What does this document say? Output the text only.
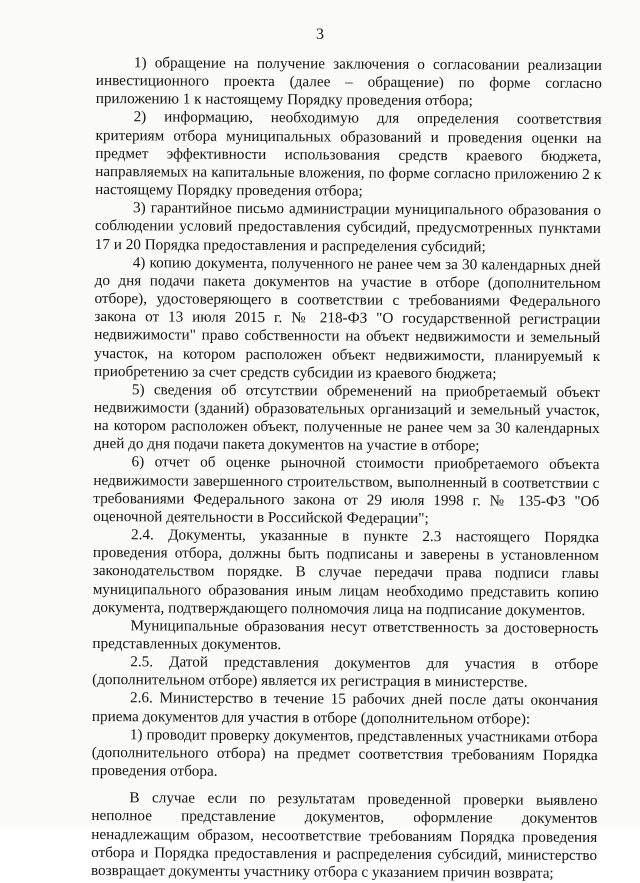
3

1) обращение на получение заключения о согласовании реализации инвестиционного проекта (далее – обращение) по форме согласно приложению 1 к настоящему Порядку проведения отбора;

2) информацию, необходимую для определения соответствия критериям отбора муниципальных образований и проведения оценки на предмет эффективности использования средств краевого бюджета, направляемых на капитальные вложения, по форме согласно приложению 2 к настоящему Порядку проведения отбора;

3) гарантийное письмо администрации муниципального образования о соблюдении условий предоставления субсидий, предусмотренных пунктами 17 и 20 Порядка предоставления и распределения субсидий;

4) копию документа, полученного не ранее чем за 30 календарных дней до дня подачи пакета документов на участие в отборе (дополнительном отборе), удостоверяющего в соответствии с требованиями Федерального закона от 13 июля 2015 г. № 218-ФЗ "О государственной регистрации недвижимости" право собственности на объект недвижимости и земельный участок, на котором расположен объект недвижимости, планируемый к приобретению за счет средств субсидии из краевого бюджета;

5) сведения об отсутствии обременений на приобретаемый объект недвижимости (зданий) образовательных организаций и земельный участок, на котором расположен объект, полученные не ранее чем за 30 календарных дней до дня подачи пакета документов на участие в отборе;

6) отчет об оценке рыночной стоимости приобретаемого объекта недвижимости завершенного строительством, выполненный в соответствии с требованиями Федерального закона от 29 июля 1998 г. № 135-ФЗ "Об оценочной деятельности в Российской Федерации";

2.4. Документы, указанные в пункте 2.3 настоящего Порядка проведения отбора, должны быть подписаны и заверены в установленном законодательством порядке. В случае передачи права подписи главы муниципального образования иным лицам необходимо представить копию документа, подтверждающего полномочия лица на подписание документов.

Муниципальные образования несут ответственность за достоверность представленных документов.

2.5. Датой представления документов для участия в отборе (дополнительном отборе) является их регистрация в министерстве.

2.6. Министерство в течение 15 рабочих дней после даты окончания приема документов для участия в отборе (дополнительном отборе):

1) проводит проверку документов, представленных участниками отбора (дополнительного отбора) на предмет соответствия требованиям Порядка проведения отбора.

В случае если по результатам проведенной проверки выявлено неполное представление документов, оформление документов ненадлежащим образом, несоответствие требованиям Порядка проведения отбора и Порядка предоставления и распределения субсидий, министерство возвращает документы участнику отбора с указанием причин возврата;
